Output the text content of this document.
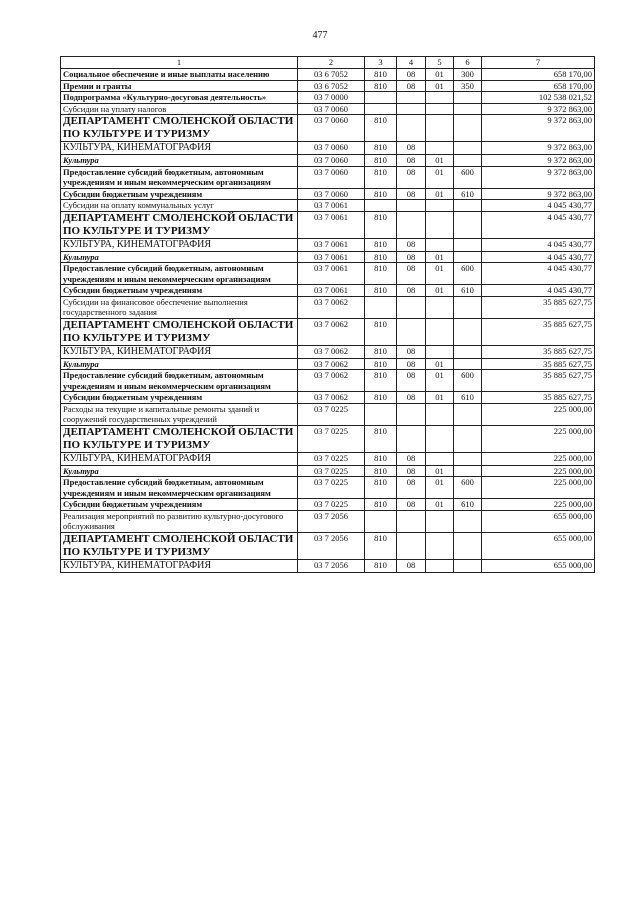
477
1	2	3	4	5	6	7
Социальное обеспечение и иные выплаты населению	03 6 7052	810	08	01	300	658 170,00
Премии и гранты	03 6 7052	810	08	01	350	658 170,00
Подпрограмма «Культурно-досуговая деятельность»	03 7 0000					102 538 021,52
Субсидии на уплату налогов	03 7 0060					9 372 863,00
ДЕПАРТАМЕНТ СМОЛЕНСКОЙ ОБЛАСТИ ПО КУЛЬТУРЕ И ТУРИЗМУ	03 7 0060	810				9 372 863,00
КУЛЬТУРА, КИНЕМАТОГРАФИЯ	03 7 0060	810	08			9 372 863,00
Культура	03 7 0060	810	08	01		9 372 863,00
Предоставление субсидий бюджетным, автономным учреждениям и иным некоммерческим организациям	03 7 0060	810	08	01	600	9 372 863,00
Субсидии бюджетным учреждениям	03 7 0060	810	08	01	610	9 372 863,00
Субсидии на оплату коммунальных услуг	03 7 0061					4 045 430,77
ДЕПАРТАМЕНТ СМОЛЕНСКОЙ ОБЛАСТИ ПО КУЛЬТУРЕ И ТУРИЗМУ	03 7 0061	810				4 045 430,77
КУЛЬТУРА, КИНЕМАТОГРАФИЯ	03 7 0061	810	08			4 045 430,77
Культура	03 7 0061	810	08	01		4 045 430,77
Предоставление субсидий бюджетным, автономным учреждениям и иным некоммерческим организациям	03 7 0061	810	08	01	600	4 045 430,77
Субсидии бюджетным учреждениям	03 7 0061	810	08	01	610	4 045 430,77
Субсидии на финансовое обеспечение выполнения государственного задания	03 7 0062					35 885 627,75
ДЕПАРТАМЕНТ СМОЛЕНСКОЙ ОБЛАСТИ ПО КУЛЬТУРЕ И ТУРИЗМУ	03 7 0062	810				35 885 627,75
КУЛЬТУРА, КИНЕМАТОГРАФИЯ	03 7 0062	810	08			35 885 627,75
Культура	03 7 0062	810	08	01		35 885 627,75
Предоставление субсидий бюджетным, автономным учреждениям и иным некоммерческим организациям	03 7 0062	810	08	01	600	35 885 627,75
Субсидии бюджетным учреждениям	03 7 0062	810	08	01	610	35 885 627,75
Расходы на текущие и капитальные ремонты зданий и сооружений государственных учреждений	03 7 0225					225 000,00
ДЕПАРТАМЕНТ СМОЛЕНСКОЙ ОБЛАСТИ ПО КУЛЬТУРЕ И ТУРИЗМУ	03 7 0225	810				225 000,00
КУЛЬТУРА, КИНЕМАТОГРАФИЯ	03 7 0225	810	08			225 000,00
Культура	03 7 0225	810	08	01		225 000,00
Предоставление субсидий бюджетным, автономным учреждениям и иным некоммерческим организациям	03 7 0225	810	08	01	600	225 000,00
Субсидии бюджетным учреждениям	03 7 0225	810	08	01	610	225 000,00
Реализация мероприятий по развитию культурно-досугового обслуживания	03 7 2056					655 000,00
ДЕПАРТАМЕНТ СМОЛЕНСКОЙ ОБЛАСТИ ПО КУЛЬТУРЕ И ТУРИЗМУ	03 7 2056	810				655 000,00
КУЛЬТУРА, КИНЕМАТОГРАФИЯ	03 7 2056	810	08			655 000,00
